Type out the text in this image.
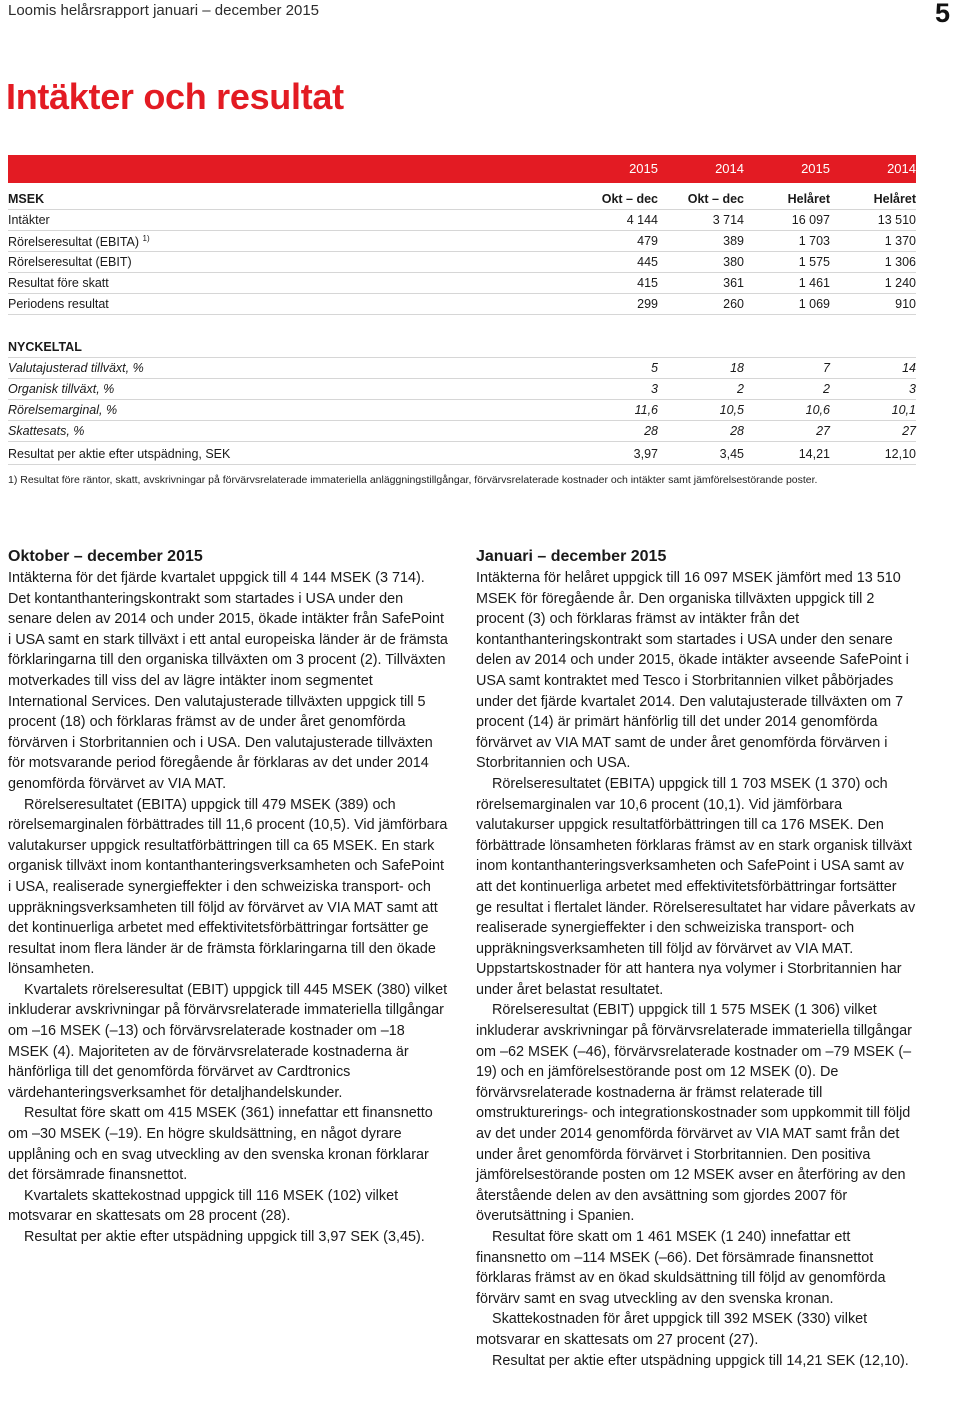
Loomis helårsrapport januari – december 2015	5
Intäkter och resultat
2015	2014	2015	2014
MSEK	Okt – dec	Okt – dec	Helåret	Helåret
Intäkter	4 144	3 714	16 097	13 510
Rörelseresultat (EBITA) $^{1)}$	479	389	1 703	1 370
Rörelseresultat (EBIT)	445	380	1 575	1 306
Resultat före skatt	415	361	1 461	1 240
Periodens resultat	299	260	1 069	910
NYCKELTAL
Valutajusterad tillväxt, %	5	18	7	14
Organisk tillväxt, %	3	2	2	3
Rörelsemarginal, %	11,6	10,5	10,6	10,1
Skattesats, %	28	28	27	27
Resultat per aktie efter utspädning, SEK	3,97	3,45	14,21	12,10
1) Resultat före räntor, skatt, avskrivningar på förvärvsrelaterade immateriella anläggningstillgångar, förvärvsrelaterade kostnader och intäkter samt jämförelsestörande poster.
Oktober – december 2015

Intäkterna för det fjärde kvartalet uppgick till 4 144 MSEK (3 714). Det kontanthanteringskontrakt som startades i USA under den senare delen av 2014 och under 2015, ökade intäkter från SafePoint i USA samt en stark tillväxt i ett antal europeiska länder är de främsta förklaringarna till den organiska tillväxten om 3 procent (2). Tillväxten motverkades till viss del av lägre intäkter inom segmentet International Services. Den valutajusterade tillväxten uppgick till 5 procent (18) och förklaras främst av de under året genomförda förvärven i Storbritannien och i USA. Den valutajusterade tillväxten för motsvarande period föregående år förklaras av det under 2014 genomförda förvärvet av VIA MAT.

Rörelseresultatet (EBITA) uppgick till 479 MSEK (389) och rörelsemarginalen förbättrades till 11,6 procent (10,5). Vid jämförbara valutakurser uppgick resultatförbättringen till ca 65 MSEK. En stark organisk tillväxt inom kontanthanteringsverksamheten och SafePoint i USA, realiserade synergieffekter i den schweiziska transport- och uppräkningsverksamheten till följd av förvärvet av VIA MAT samt att det kontinuerliga arbetet med effektivitetsförbättringar fortsätter ge resultat inom flera länder är de främsta förklaringarna till den ökade lönsamheten.

Kvartalets rörelseresultat (EBIT) uppgick till 445 MSEK (380) vilket inkluderar avskrivningar på förvärvsrelaterade immateriella tillgångar om –16 MSEK (–13) och förvärvsrelaterade kostnader om –18 MSEK (4). Majoriteten av de förvärvsrelaterade kostnaderna är hänförliga till det genomförda förvärvet av Cardtronics värdehanteringsverksamhet för detaljhandelskunder.

Resultat före skatt om 415 MSEK (361) innefattar ett finansnetto om –30 MSEK (–19). En högre skuldsättning, en något dyrare upplåning och en svag utveckling av den svenska kronan förklarar det försämrade finansnettot.

Kvartalets skattekostnad uppgick till 116 MSEK (102) vilket motsvarar en skattesats om 28 procent (28).

Resultat per aktie efter utspädning uppgick till 3,97 SEK (3,45).

Januari – december 2015

Intäkterna för helåret uppgick till 16 097 MSEK jämfört med 13 510 MSEK för föregående år. Den organiska tillväxten uppgick till 2 procent (3) och förklaras främst av intäkter från det kontanthanteringskontrakt som startades i USA under den senare delen av 2014 och under 2015, ökade intäkter avseende SafePoint i USA samt kontraktet med Tesco i Storbritannien vilket påbörjades under det fjärde kvartalet 2014. Den valutajusterade tillväxten om 7 procent (14) är primärt hänförlig till det under 2014 genomförda förvärvet av VIA MAT samt de under året genomförda förvärven i Storbritannien och USA.

Rörelseresultatet (EBITA) uppgick till 1 703 MSEK (1 370) och rörelsemarginalen var 10,6 procent (10,1). Vid jämförbara valutakurser uppgick resultatförbättringen till ca 176 MSEK. Den förbättrade lönsamheten förklaras främst av en stark organisk tillväxt inom kontanthanteringsverksamheten och SafePoint i USA samt av att det kontinuerliga arbetet med effektivitetsförbättringar fortsätter ge resultat i flertalet länder. Rörelseresultatet har vidare påverkats av realiserade synergieffekter i den schweiziska transport- och uppräkningsverksamheten till följd av förvärvet av VIA MAT. Uppstartskostnader för att hantera nya volymer i Storbritannien har under året belastat resultatet.

Rörelseresultat (EBIT) uppgick till 1 575 MSEK (1 306) vilket inkluderar avskrivningar på förvärvsrelaterade immateriella tillgångar om –62 MSEK (–46), förvärvsrelaterade kostnader om –79 MSEK (–19) och en jämförelsestörande post om 12 MSEK (0). De förvärvsrelaterade kostnaderna är främst relaterade till omstrukturerings- och integrationskostnader som uppkommit till följd av det under 2014 genomförda förvärvet av VIA MAT samt från det under året genomförda förvärvet i Storbritannien. Den positiva jämförelsestörande posten om 12 MSEK avser en återföring av den återstående delen av den avsättning som gjordes 2007 för överutsättning i Spanien.

Resultat före skatt om 1 461 MSEK (1 240) innefattar ett finansnetto om –114 MSEK (–66). Det försämrade finansnettot förklaras främst av en ökad skuldsättning till följd av genomförda förvärv samt en svag utveckling av den svenska kronan.

Skattekostnaden för året uppgick till 392 MSEK (330) vilket motsvarar en skattesats om 27 procent (27).

Resultat per aktie efter utspädning uppgick till 14,21 SEK (12,10).
